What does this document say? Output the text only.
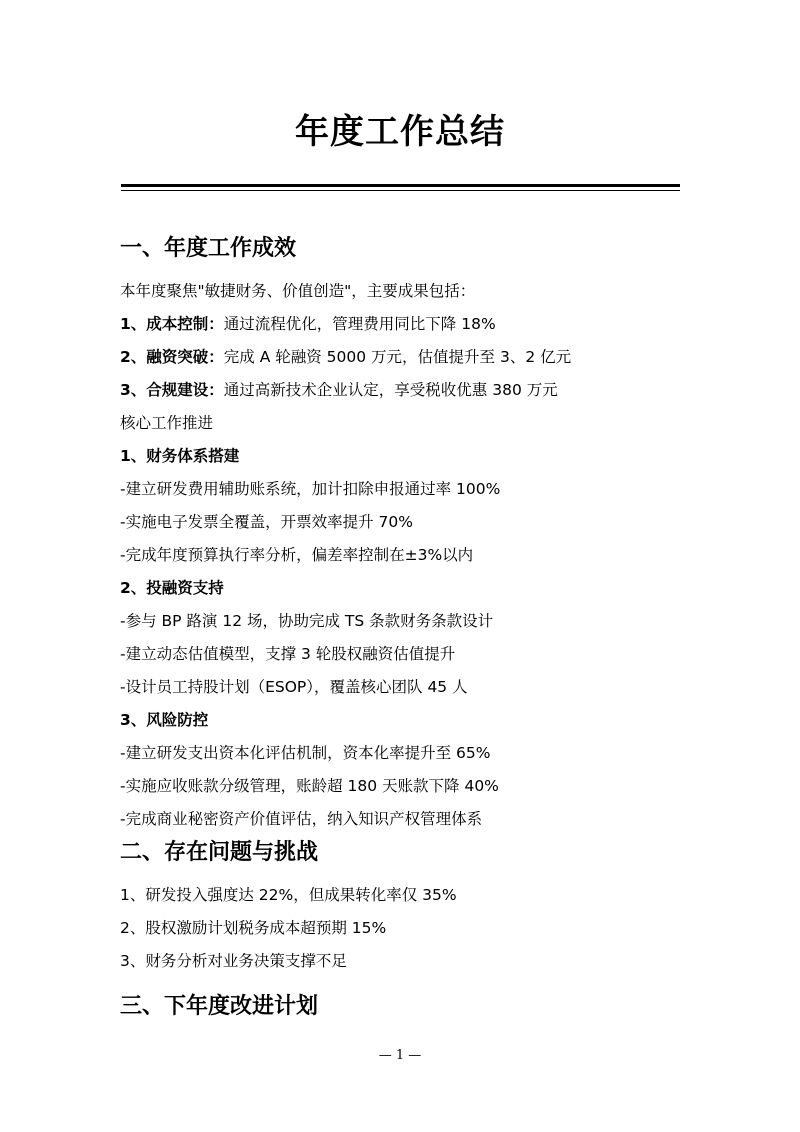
年度工作总结

一、年度工作成效

本年度聚焦"敏捷财务、价值创造"，主要成果包括：

1、成本控制：通过流程优化，管理费用同比下降 18%

2、融资突破：完成 A 轮融资 5000 万元，估值提升至 3、2 亿元

3、合规建设：通过高新技术企业认定，享受税收优惠 380 万元

核心工作推进

1、财务体系搭建

-建立研发费用辅助账系统，加计扣除申报通过率 100%

-实施电子发票全覆盖，开票效率提升 70%

-完成年度预算执行率分析，偏差率控制在±3%以内

2、投融资支持

-参与 BP 路演 12 场，协助完成 TS 条款财务条款设计

-建立动态估值模型，支撑 3 轮股权融资估值提升

-设计员工持股计划（ESOP），覆盖核心团队 45 人

3、风险防控

-建立研发支出资本化评估机制，资本化率提升至 65%

-实施应收账款分级管理，账龄超 180 天账款下降 40%

-完成商业秘密资产价值评估，纳入知识产权管理体系

二、存在问题与挑战

1、研发投入强度达 22%，但成果转化率仅 35%

2、股权激励计划税务成本超预期 15%

3、财务分析对业务决策支撑不足

三、下年度改进计划

— 1 —
